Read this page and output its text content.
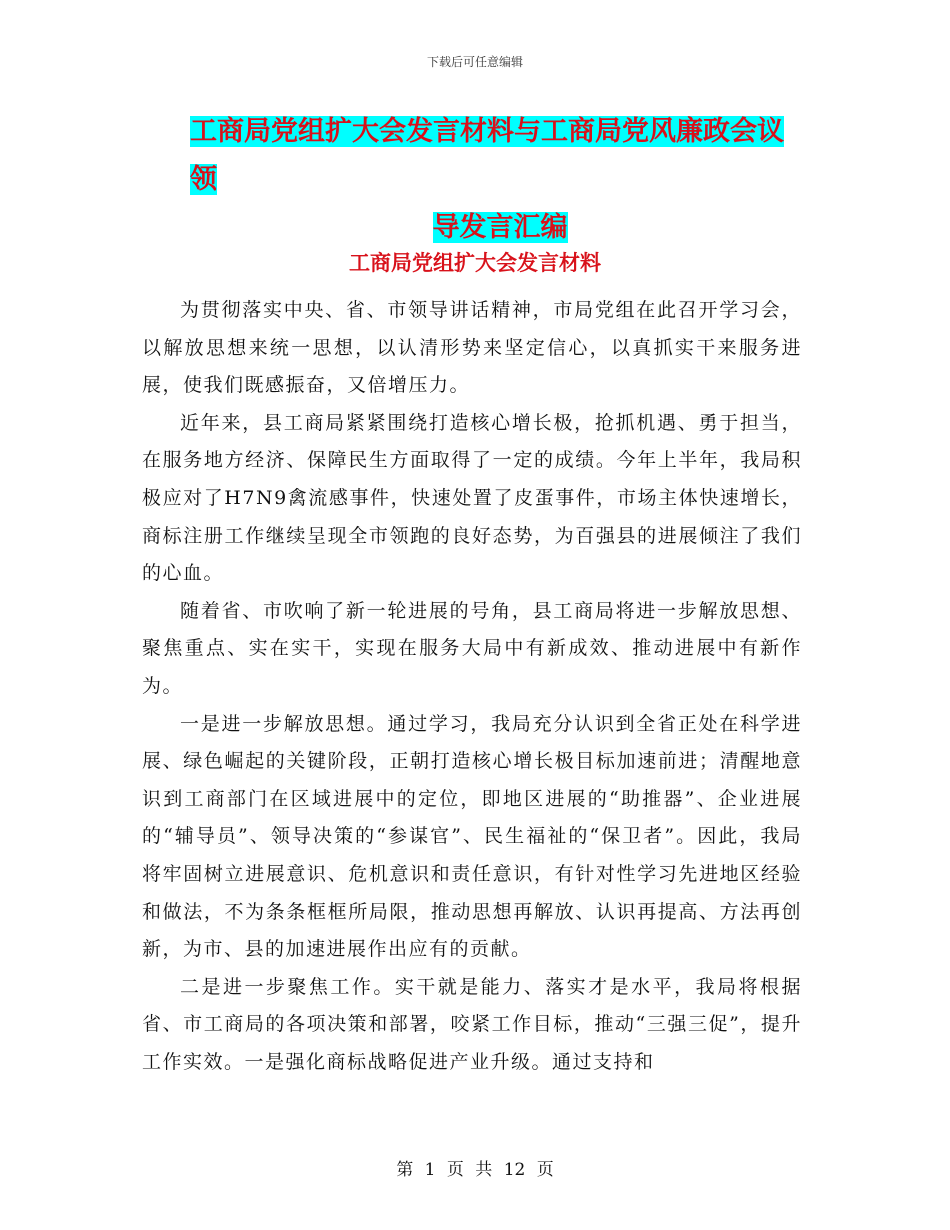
下载后可任意编辑
工商局党组扩大会发言材料与工商局党风廉政会议领
导发言汇编
工商局党组扩大会发言材料

为贯彻落实中央、省、市领导讲话精神，市局党组在此召开学习会，以解放思想来统一思想，以认清形势来坚定信心，以真抓实干来服务进展，使我们既感振奋，又倍增压力。

近年来，县工商局紧紧围绕打造核心增长极，抢抓机遇、勇于担当，在服务地方经济、保障民生方面取得了一定的成绩。今年上半年，我局积极应对了H7N9禽流感事件，快速处置了皮蛋事件，市场主体快速增长，商标注册工作继续呈现全市领跑的良好态势，为百强县的进展倾注了我们的心血。

随着省、市吹响了新一轮进展的号角，县工商局将进一步解放思想、聚焦重点、实在实干，实现在服务大局中有新成效、推动进展中有新作为。

一是进一步解放思想。通过学习，我局充分认识到全省正处在科学进展、绿色崛起的关键阶段，正朝打造核心增长极目标加速前进；清醒地意识到工商部门在区域进展中的定位，即地区进展的“助推器”、企业进展的“辅导员”、领导决策的“参谋官”、民生福祉的“保卫者”。因此，我局将牢固树立进展意识、危机意识和责任意识，有针对性学习先进地区经验和做法，不为条条框框所局限，推动思想再解放、认识再提高、方法再创新，为市、县的加速进展作出应有的贡献。

二是进一步聚焦工作。实干就是能力、落实才是水平，我局将根据省、市工商局的各项决策和部署，咬紧工作目标，推动“三强三促”，提升工作实效。一是强化商标战略促进产业升级。通过支持和

第 1 页 共 12 页
